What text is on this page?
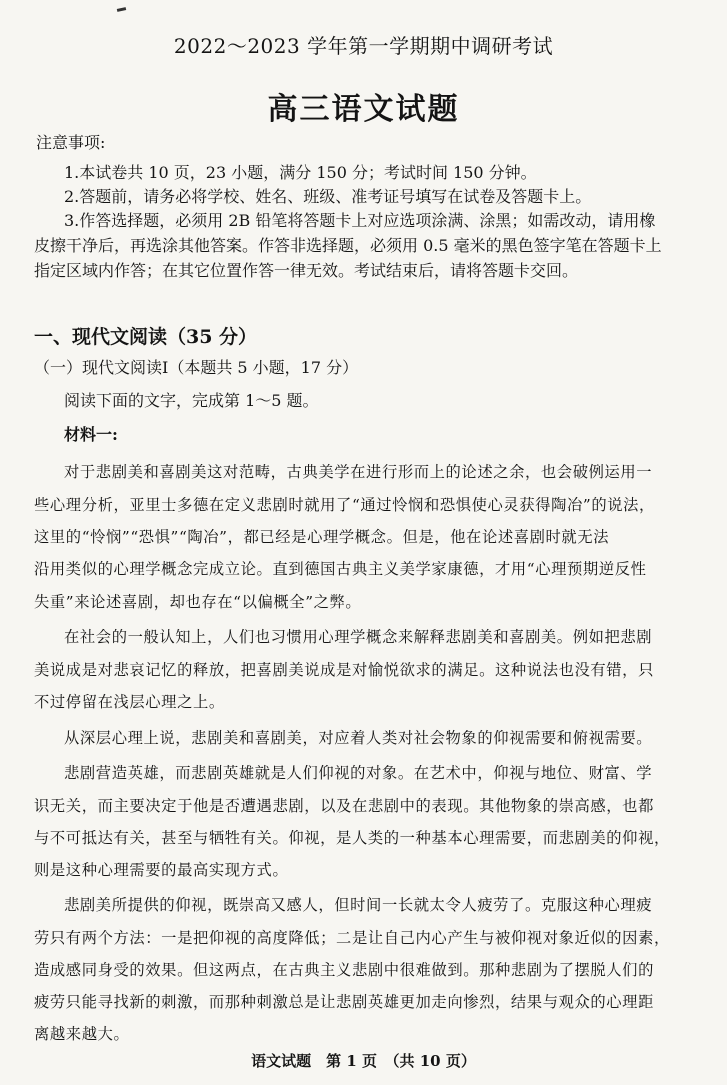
2022～2023 学年第一学期期中调研考试
高三语文试题
注意事项:
1.本试卷共 10 页，23 小题，满分 150 分；考试时间 150 分钟。
2.答题前，请务必将学校、姓名、班级、准考证号填写在试卷及答题卡上。
3.作答选择题，必须用 2B 铅笔将答题卡上对应选项涂满、涂黑；如需改动，请用橡
皮擦干净后，再选涂其他答案。作答非选择题，必须用 0.5 毫米的黑色签字笔在答题卡上
指定区域内作答；在其它位置作答一律无效。考试结束后，请将答题卡交回。
一、现代文阅读（35 分）
（一）现代文阅读Ⅰ（本题共 5 小题，17 分）
阅读下面的文字，完成第 1～5 题。
材料一:
对于悲剧美和喜剧美这对范畴，古典美学在进行形而上的论述之余，也会破例运用一
些心理分析，亚里士多德在定义悲剧时就用了“通过怜悯和恐惧使心灵获得陶冶”的说法，
这里的“怜悯”“恐惧”“陶冶”，都已经是心理学概念。但是，他在论述喜剧时就无法
沿用类似的心理学概念完成立论。直到德国古典主义美学家康德，才用“心理预期逆反性
失重”来论述喜剧，却也存在“以偏概全”之弊。
在社会的一般认知上，人们也习惯用心理学概念来解释悲剧美和喜剧美。例如把悲剧
美说成是对悲哀记忆的释放，把喜剧美说成是对愉悦欲求的满足。这种说法也没有错，只
不过停留在浅层心理之上。
从深层心理上说，悲剧美和喜剧美，对应着人类对社会物象的仰视需要和俯视需要。
悲剧营造英雄，而悲剧英雄就是人们仰视的对象。在艺术中，仰视与地位、财富、学
识无关，而主要决定于他是否遭遇悲剧，以及在悲剧中的表现。其他物象的崇高感，也都
与不可抵达有关，甚至与牺牲有关。仰视，是人类的一种基本心理需要，而悲剧美的仰视，
则是这种心理需要的最高实现方式。
悲剧美所提供的仰视，既崇高又感人，但时间一长就太令人疲劳了。克服这种心理疲
劳只有两个方法：一是把仰视的高度降低；二是让自己内心产生与被仰视对象近似的因素，
造成感同身受的效果。但这两点，在古典主义悲剧中很难做到。那种悲剧为了摆脱人们的
疲劳只能寻找新的刺激，而那种刺激总是让悲剧英雄更加走向惨烈，结果与观众的心理距
离越来越大。
语文试题　第 1 页　（共 10 页）
